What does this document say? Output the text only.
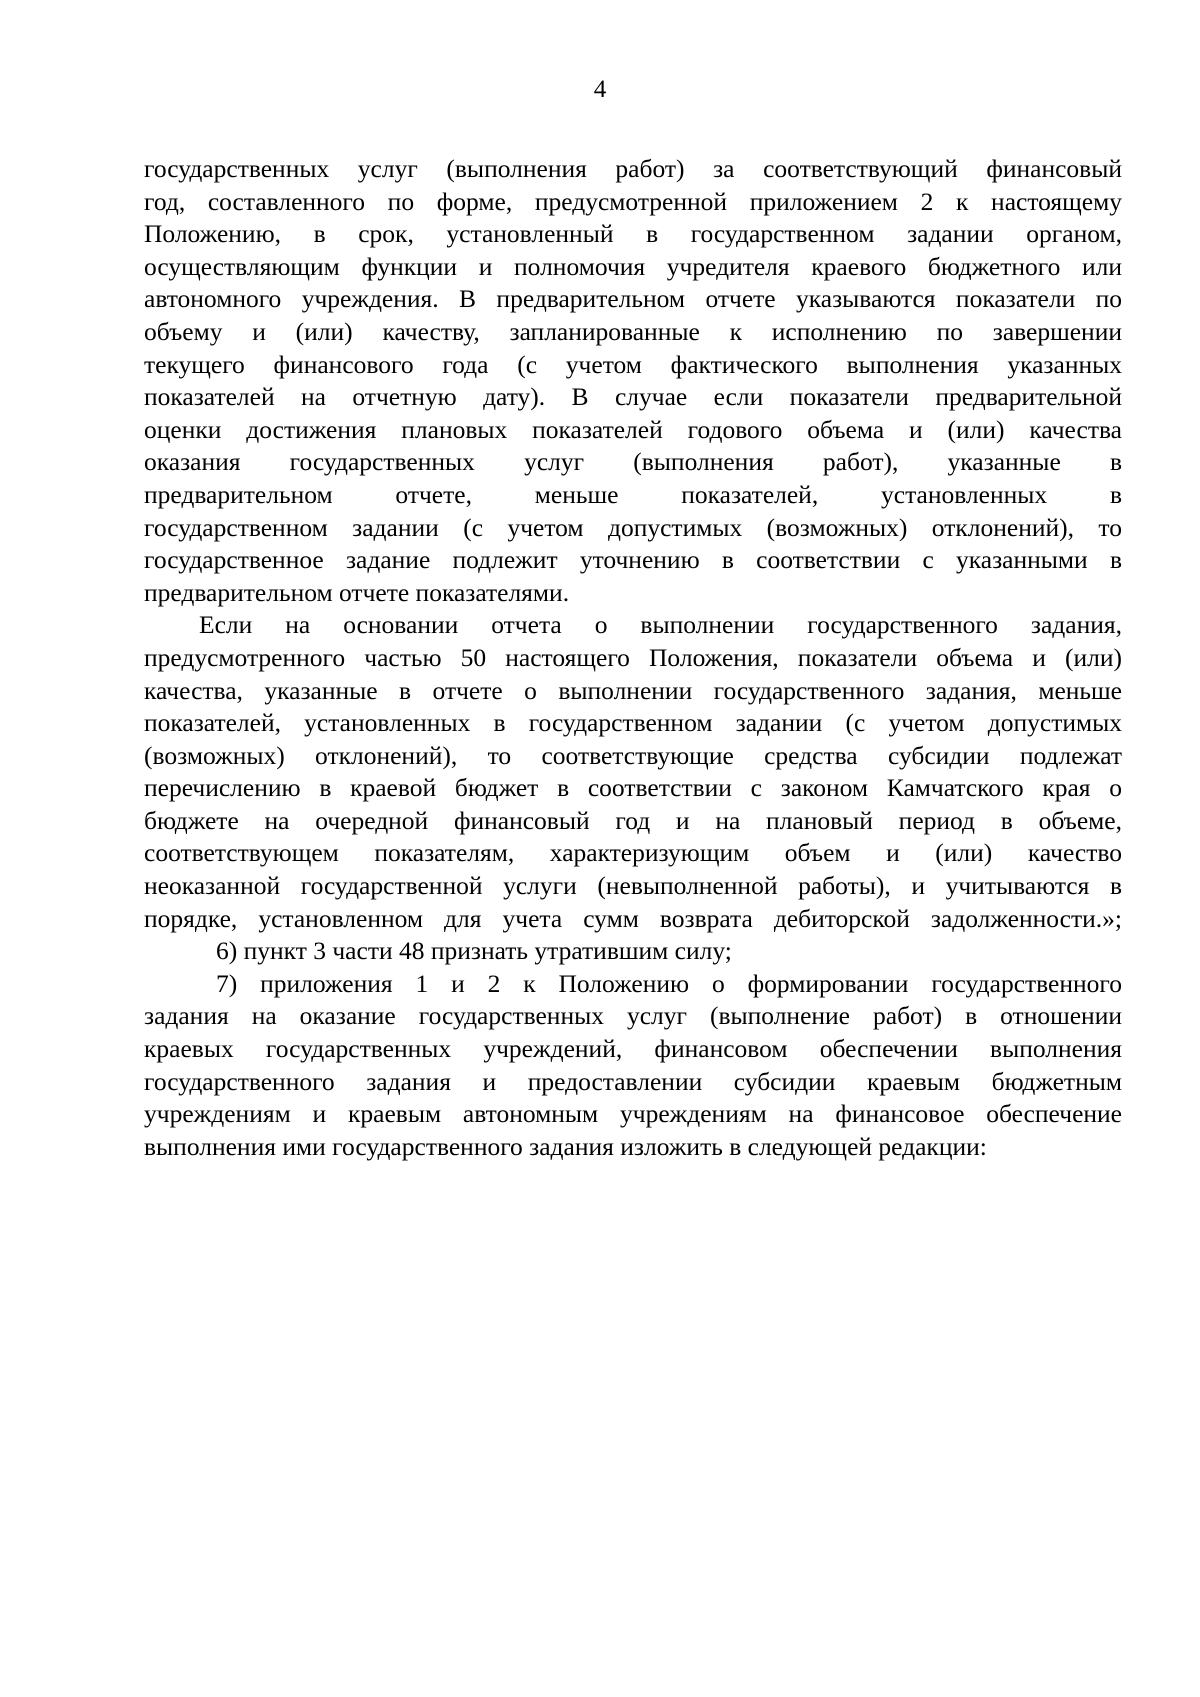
4
государственных услуг (выполнения работ) за соответствующий финансовый
год, составленного по форме, предусмотренной приложением 2 к настоящему
Положению, в срок, установленный в государственном задании органом,
осуществляющим функции и полномочия учредителя краевого бюджетного или
автономного учреждения. В предварительном отчете указываются показатели по
объему и (или) качеству, запланированные к исполнению по завершении
текущего финансового года (с учетом фактического выполнения указанных
показателей на отчетную дату). В случае если показатели предварительной
оценки достижения плановых показателей годового объема и (или) качества
оказания государственных услуг (выполнения работ), указанные в
предварительном отчете, меньше показателей, установленных в
государственном задании (с учетом допустимых (возможных) отклонений), то
государственное задание подлежит уточнению в соответствии с указанными в
предварительном отчете показателями.
Если на основании отчета о выполнении государственного задания,
предусмотренного частью 50 настоящего Положения, показатели объема и (или)
качества, указанные в отчете о выполнении государственного задания, меньше
показателей, установленных в государственном задании (с учетом допустимых
(возможных) отклонений), то соответствующие средства субсидии подлежат
перечислению в краевой бюджет в соответствии с законом Камчатского края о
бюджете на очередной финансовый год и на плановый период в объеме,
соответствующем показателям, характеризующим объем и (или) качество
неоказанной государственной услуги (невыполненной работы), и учитываются в
порядке, установленном для учета сумм возврата дебиторской задолженности.»;
6) пункт 3 части 48 признать утратившим силу;
7) приложения 1 и 2 к Положению о формировании государственного
задания на оказание государственных услуг (выполнение работ) в отношении
краевых государственных учреждений, финансовом обеспечении выполнения
государственного задания и предоставлении субсидии краевым бюджетным
учреждениям и краевым автономным учреждениям на финансовое обеспечение
выполнения ими государственного задания изложить в следующей редакции:
